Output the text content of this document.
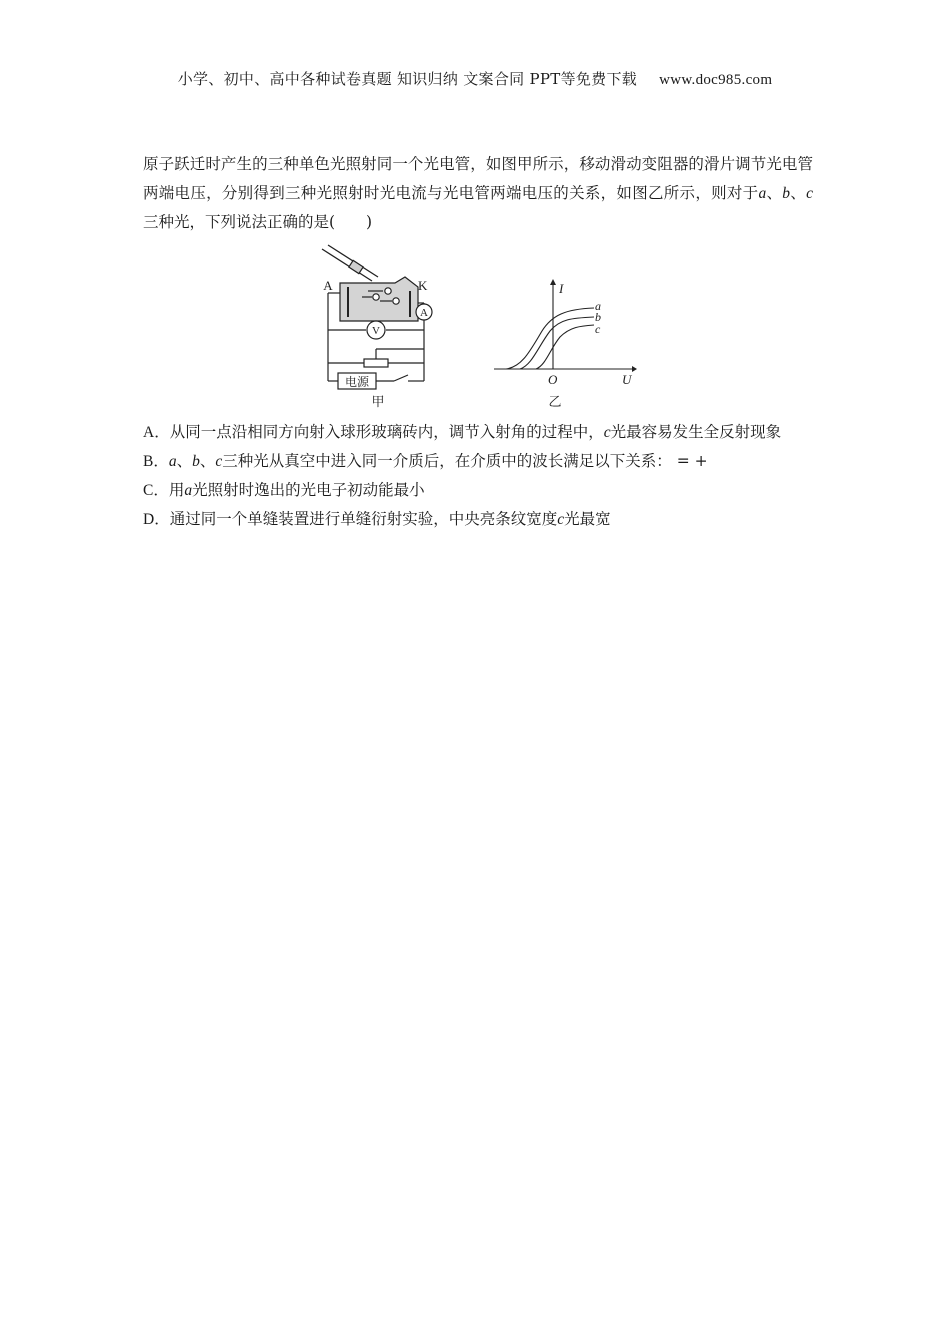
小学、初中、高中各种试卷真题 知识归纳 文案合同 PPT等免费下载 www.doc985.com

原子跃迁时产生的三种单色光照射同一个光电管，如图甲所示，移动滑动变阻器的滑片调节光电管两端电压，分别得到三种光照射时光电流与光电管两端电压的关系，如图乙所示，则对于a、b、c三种光，下列说法正确的是(　　)

A	K
A
V
电源
甲
I
U
O
a
b
c
乙

A．从同一点沿相同方向射入球形玻璃砖内，调节入射角的过程中，c光最容易发生全反射现象

B．a、b、c三种光从真空中进入同一介质后，在介质中的波长满足以下关系： = +

C．用a光照射时逸出的光电子初动能最小

D．通过同一个单缝装置进行单缝衍射实验，中央亮条纹宽度c光最宽
